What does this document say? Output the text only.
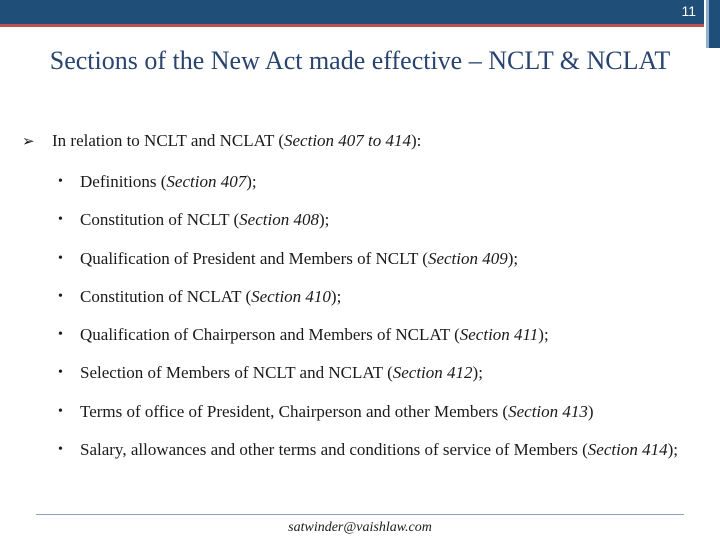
11
Sections of the New Act made effective – NCLT & NCLAT
➢ In relation to NCLT and NCLAT (Section 407 to 414):
• Definitions (Section 407);
• Constitution of NCLT (Section 408);
• Qualification of President and Members of NCLT (Section 409);
• Constitution of NCLAT (Section 410);
• Qualification of Chairperson and Members of NCLAT (Section 411);
• Selection of Members of NCLT and NCLAT (Section 412);
• Terms of office of President, Chairperson and other Members (Section 413)
• Salary, allowances and other terms and conditions of service of Members (Section 414);
satwinder@vaishlaw.com
